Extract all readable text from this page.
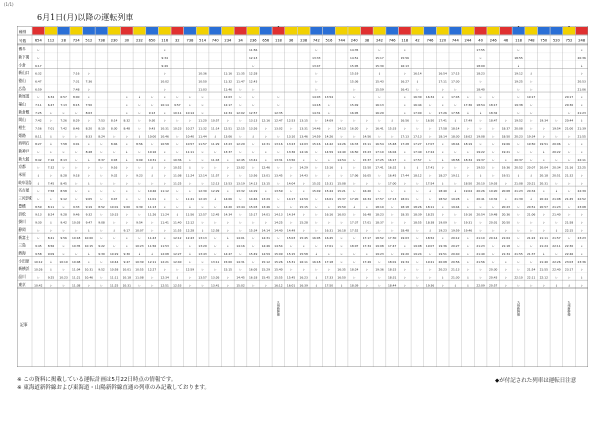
(1/1)
6月1日(月)以降の運転列車
種別
号数 654 112 28 724 512 738 230 30 232 650 116 32 738 514 740 234 34 236 656 118 36 238 742 516 744 240 38 242 746 118 42 746 120 744 244 40 246 46 118 748 750 520 752 248
博多
新下関
小倉
新山口
徳山
広島
新尾道
福山
新倉敷
岡山
相生
姫路
西明石
新神戸
新大阪
京都
米原
岐阜羽島
名古屋
三河安城
豊橋
浜松
掛川
静岡
新富士
三島
熱海
小田原
新横浜
品川
東京
レ
レ
6:17
6:32
6:47
6:59
レ
7:11
7:25
7:42
7:56
8:11
8:27
レ
8:42
レ
↓
↓
レ
レ
8:59
9:13
9:30
レ
レ
9:45
9:58
10:12
10:26
レ
10:42
6:34
6:47
レ
レ
7:01
↓
↓
レ
7:16
7:32
レ
7:45
7:58
レ
8:11
8:24
↓
レ
8:41
8:56
9:09
↓
↓
9:25
レ
6:57
7:13
レ
7:26
7:42
レ
7:58
レ
8:13
レ
8:28
8:45
8:58
9:12
レ
9:28
9:42
レ
9:56
レ
レ
10:10
レ
10:23
レ
7:16
7:31
7:48
8:00
8:15
レ
8:29
8:46
レ
9:01
レ
レ
レ
9:18
レ
レ
レ
9:33
9:46
10:03
レ
10:18
10:35
レ
10:48
11:04
11:21
11:38
レ
7:36
レ
レ
7:50
8:03
レ
8:20
8:33
レ
8:48
↓
レ
レ
↓
レ
9:05
9:19
9:32
9:47
↓
10:00
10:15
↓
レ
10:31
10:46
レ
7:53
8:10
8:24
レ
レ
8:37
レ
レ
レ
レ
レ
8:52
レ
9:08
レ
レ
9:22
9:39
レ
9:52
レ
レ
8:14
8:30
レ
8:46
レ
9:03
9:16
9:32
レ
レ
9:47
10:01
10:15
レ
↓
レ
レ
10:29
10:44
10:58
11:11
11:25
レ
レ
レ
8:32
8:48
レ
レ
↓
↓
レ
レ
レ
レ
レ
9:00
レ
レ
9:17
レ
レ
9:30
9:47
10:01
10:18
10:31
↓
レ
レ
レ
レ
↓
8:56
レ
9:09
レ
9:23
レ
レ
レ
9:39
レ
9:54
10:07
レ
10:23
↓
10:39
10:55
11:08
レ
レ
レ
9:13
9:30
9:43
10:00
レ
10:16
10:31
↓
↓
レ
10:46
11:01
11:13
11:26
レ
レ
11:43
11:56
↓
12:11
12:27
レ
レ
レ
9:34
9:49
レ
10:02
レ
レ
10:14
レ
レ
10:31
10:46
10:58
レ
レ
レ
レ
レ
11:12
レ
レ
11:24
11:41
レ
レ
11:53
12:08
12:21
レ
12:34
12:51
レ
9:57
10:11
レ
10:23
レ
レ
レ
10:36
10:52
11:08
11:25
レ
レ
レ
↓
11:40
11:55
12:12
レ
12:27
12:40
レ
↓
12:53
レ
レ
10:14
レ
10:27
10:40
10:57
11:11
レ
↓
11:24
レ
レ
11:41
↓
11:56
12:12
12:28
12:43
レ
↓
レ
12:59
レ
レ
10:36
10:50
11:03
レ
レ
レ
11:20
11:32
11:44
11:57
レ
レ
レ
12:14
レ
12:30
12:43
レ
12:57
レ
↓
13:13
13:29
13:43
レ
レ
13:57
レ
10:57
11:14
↓
11:29
レ
11:43
レ
11:57
12:13
12:29
↓
レ
12:45
レ
12:58
レ
レ
レ
13:11
レ
13:26
13:41
11:16
11:32
11:46
12:03
12:17
12:34
レ
12:51
13:06
13:23
13:37
レ
レ
レ
13:53
レ
14:06
14:20
14:34
レ
レ
↓
レ
14:47
15:00
15:15
レ
レ
11:35
11:47
レ
レ
レ
12:02
レ
12:15
レ
12:29
レ
12:45
13:02
レ
13:19
13:32
レ
13:44
レ
レ
レ
14:01
14:16
レ
14:31
レ
14:45
15:02
11:56
12:13
レ
12:28
12:43
レ
レ
レ
12:57
13:13
13:26
↓
レ
レ
13:41
レ
13:56
14:13
14:29
14:46
15:03
15:17
レ
15:34
レ
レ
15:49
レ
16:05
16:18
レ
12:16
レ
レ
12:31
レ
レ
12:46
13:01
13:15
レ
13:29
13:46
14:01
レ
14:14
14:31
14:46
14:59
15:12
15:29
15:45
レ
レ
レ
12:35
12:47
13:02
レ
13:16
レ
13:31
レ
13:45
レ
13:59
レ
レ
14:13
14:25
14:40
レ
14:54
15:09
15:26
15:40
15:55
16:12
12:53
レ
13:10
13:23
13:36
13:50
レ
レ
14:04
レ
14:17
レ
14:34
レ
14:49
15:03
レ
15:15
15:31
レ
15:45
16:01
13:15
13:31
13:46
14:03
14:16
レ
14:29
14:43
レ
レ
14:59
15:15
レ
15:28
レ
15:45
レ
15:58
16:11
レ
16:23
16:39
レ
13:33
13:47
レ
レ
レ
14:03
14:18
14:31
レ
14:46
14:59
15:16
レ
レ
レ
レ
15:32
15:49
レ
レ
レ
レ
レ
16:05
レ
↓
16:18
レ
↓
↓
13:54
レ
レ
14:09
レ
14:26
14:42
14:59
レ
15:16
レ
15:31
15:44
16:01
レ
16:16
レ
16:31
16:45
17:01
レ
17:18
レ
17:33
17:50
レ
14:13
レ
14:26
14:40
14:54
↓
レ
15:08
15:21
15:37
15:50
16:03
レ
16:18
レ
レ
レ
レ
16:35
16:50
↓
14:35
14:51
15:05
15:19
15:36
レ
レ
15:49
16:05
レ
16:20
レ
16:33
16:50
レ
レ
17:06
レ
レ
17:20
↓
レ
17:37
17:52
レ
18:07
レ
レ
18:24
レ
18:39
レ
レ
14:56
15:11
15:23
15:37
15:50
16:05
レ
16:20
16:34
レ
16:48
17:01
レ
17:17
17:34
レ
17:49
レ
レ
レ
レ
15:17
15:30
↓
15:43
15:59
レ
16:13
16:29
レ
16:41
レ
16:54
17:10
17:25
17:41
レ
レ
レ
17:57
18:10
18:23
18:37
レ
18:52
19:08
19:23
レ
19:36
レ
レ
↓
15:33
レ
15:48
16:04
16:17
16:32
16:45
17:00
レ
17:13
レ
レ
レ
レ
17:30
17:47
レ
18:01
18:15
18:31
18:44
レ
15:56
16:13
レ
16:27
16:41
レ
レ
レ
16:56
レ
17:13
17:28
レ
レ
↓
17:44
レ
レ
18:01
18:18
18:35
レ
18:48
19:03
レ
19:20
19:34
レ
レ
レ
16:14
↓
レ
16:30
16:44
17:00
レ
レ
17:13
17:27
17:40
17:57
↓
18:12
レ
レ
レ
18:26
18:39
18:55
レ
レ
19:08
19:24
レ
レ
レ
レ
16:34
レ
レ
16:50
レ
レ
17:07
17:24
レ
17:41
レ
17:54
↓
レ
18:11
18:25
18:38
↓
18:52
19:07
レ
19:21
レ
レ
19:36
16:54
17:11
レ
レ
レ
17:26
17:41
17:58
18:14
レ
レ
↓
レ
18:27
↓
18:40
18:52
レ
レ
19:09
19:23
レ
19:36
19:51
20:08
20:23
↓
レ
17:15
17:30
レ
17:45
レ
17:58
↓
18:14
18:30
18:44
レ
18:58
レ
19:11
レ
↓
19:28
19:44
レ
レ
19:59
20:12
20:27
20:40
20:56
21:13
21:30
↓
レ
17:36
↓
17:49
レ
18:02
18:19
レ
18:34
レ
レ
18:50
19:04
レ
レ
19:16
19:31
19:46
レ
レ
レ
レ
レ
↓
↓
17:55
レ
18:09
18:23
レ
18:40
レ
18:54
↓
レ
レ
19:08
レ
19:22
19:37
19:53
↓
20:10
20:26
20:41
レ
20:54
レ
レ
21:10
21:23
21:40
21:56
レ
レ
22:09
レ
18:17
18:32
18:47
レ
レ
レ
レ
レ
レ
レ
19:03
19:20
19:32
レ
19:48
20:01
レ
20:14
レ
レ
レ
20:30
20:43
20:57
レ
18:37
18:50
19:06
19:21
レ
19:36
19:51
レ
20:08
レ
20:23
20:36
20:50
レ
21:04
21:18
21:34
レ
レ
レ
レ
レ
18:55
↓
19:12
19:25
レ
レ
19:38
レ
19:52
20:08
20:23
レ
レ
20:37
20:52
↓
21:08
21:23
21:39
レ
レ
レ
レ
レ
レ
21:55
レ
レ
22:10
レ
↓
レ
レ
19:17
レ
レ
レ
レ
19:34
19:50
レ
レ
20:07
↓
20:21
20:34
↓
20:51
21:06
レ
レ
21:22
レ
21:37
レ
21:54
22:11
レ
19:34
レ
レ
19:51
↓
レ
20:04
20:18
20:31
レ
20:44
20:57
レ
レ
レ
21:11
21:24
↓
21:40
21:55
22:12
レ
レ
19:54
レ
20:06
20:22
レ
20:34
20:51
レ
↓
21:08
21:23
21:40
レ
↓
21:57
22:11
レ
22:26
22:40
レ
↓
20:17
20:30
レ
20:44
21:00
レ
レ
レ
レ
21:16
21:32
レ
レ
21:45
レ
レ
21:58
22:15
レ
22:30
22:46
23:03
23:17
レ
↓
レ
20:36
↓
レ
20:53
21:06
レ
レ
21:23
↓
21:39
21:55
レ
レ
22:11
22:25
レ
レ
22:39
22:52
23:08
レ
レ
レ
23:23
レ
レ
23:36
レ
↓
レ
記事
九州新幹線	九州新幹線	九州新幹線
※ この資料に掲載している運転計画は5月22日時点の情報です。
※ 東海道新幹線および東海道・山陽新幹線直通の列車のみ記載しております。
◆が付記された列車は運転日注意
